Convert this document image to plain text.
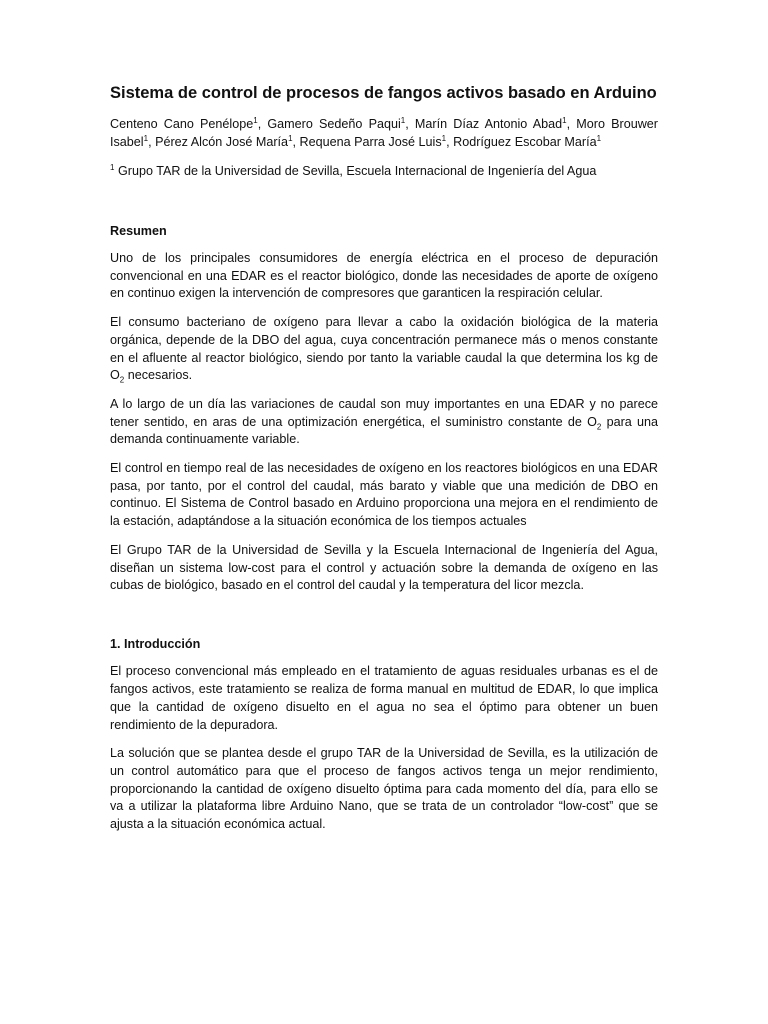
Sistema de control de procesos de fangos activos basado en Arduino

Centeno Cano Penélope$^1$, Gamero Sedeño Paqui$^1$, Marín Díaz Antonio Abad$^1$, Moro Brouwer Isabel$^1$, Pérez Alcón José María$^1$, Requena Parra José Luis$^1$, Rodríguez Escobar María$^1$

$^1$ Grupo TAR de la Universidad de Sevilla, Escuela Internacional de Ingeniería del Agua

Resumen

Uno de los principales consumidores de energía eléctrica en el proceso de depuración convencional en una EDAR es el reactor biológico, donde las necesidades de aporte de oxígeno en continuo exigen la intervención de compresores que garanticen la respiración celular.

El consumo bacteriano de oxígeno para llevar a cabo la oxidación biológica de la materia orgánica, depende de la DBO del agua, cuya concentración permanece más o menos constante en el afluente al reactor biológico, siendo por tanto la variable caudal la que determina los kg de $O_2$ necesarios.

A lo largo de un día las variaciones de caudal son muy importantes en una EDAR y no parece tener sentido, en aras de una optimización energética, el suministro constante de $O_2$ para una demanda continuamente variable.

El control en tiempo real de las necesidades de oxígeno en los reactores biológicos en una EDAR pasa, por tanto, por el control del caudal, más barato y viable que una medición de DBO en continuo. El Sistema de Control basado en Arduino proporciona una mejora en el rendimiento de la estación, adaptándose a la situación económica de los tiempos actuales

El Grupo TAR de la Universidad de Sevilla y la Escuela Internacional de Ingeniería del Agua, diseñan un sistema low-cost para el control y actuación sobre la demanda de oxígeno en las cubas de biológico, basado en el control del caudal y la temperatura del licor mezcla.

1. Introducción

El proceso convencional más empleado en el tratamiento de aguas residuales urbanas es el de fangos activos, este tratamiento se realiza de forma manual en multitud de EDAR, lo que implica que la cantidad de oxígeno disuelto en el agua no sea el óptimo para obtener un buen rendimiento de la depuradora.

La solución que se plantea desde el grupo TAR de la Universidad de Sevilla, es la utilización de un control automático para que el proceso de fangos activos tenga un mejor rendimiento, proporcionando la cantidad de oxígeno disuelto óptima para cada momento del día, para ello se va a utilizar la plataforma libre Arduino Nano, que se trata de un controlador “low-cost” que se ajusta a la situación económica actual.
